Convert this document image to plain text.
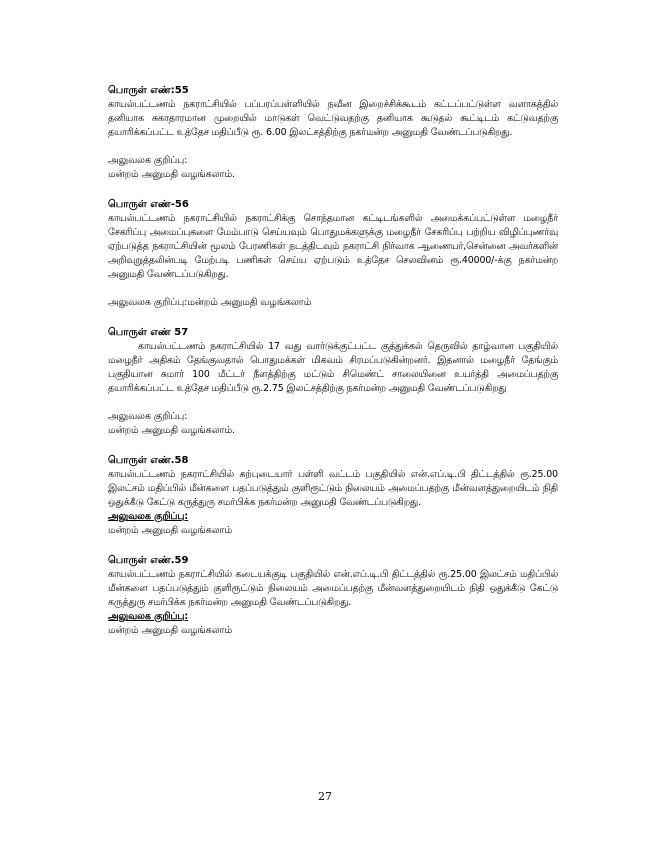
பொருள் எண்:55

காயல்பட்டணம் நகராட்சியில் பப்பரப்பள்ளியில் நவீன இறைச்சிக்கூடம் கட்டப்பட்டுள்ள வளாகத்தில் தனியாக சுகாதாரமான முறையில் மாடுகள் வெட்டுவதற்கு தனியாக கூடுதல் கூட்டிடம் கட்டுவதற்கு தயாரிக்கப்பட்ட உத்தேச மதிப்பீடு ரூ. 6.00 இலட்சத்திற்கு நகர்மன்ற அனுமதி வேண்டப்படுகிறது.

அலுவலக குறிப்பு:

மன்றம் அனுமதி வழங்கலாம்.

பொருள் எண்-56

காயல்பட்டணம் நகராட்சியில் நகராட்சிக்கு சொந்தமான கட்டிடங்களில் அமைக்கப்பட்டுள்ள மழைநீர் சேகரிப்பு அமைப்புகளை மேம்பாடு செய்யவும் பொதுமக்களுக்கு மழைநீர் சேகரிப்பு பற்றிய விழிப்புணர்வு ஏற்படுத்த நகராட்சியின் மூலம் பேரணிகள் நடத்திடவும் நகராட்சி நிர்வாக ஆணையர்,சென்னை அவர்களின் அறிவுறுத்தலின்படி மேற்படி பணிகள் செய்ய ஏற்படும் உத்தேச செலவினம் ரூ.40000/-க்கு நகர்மன்ற அனுமதி வேண்டப்படுகிறது.

அலுவலக குறிப்பு:மன்றம் அனுமதி வழங்கலாம்

பொருள் எண் 57

காயல்பட்டணம் நகராட்சியில் 17 வது வார்டுக்குட்பட்ட குத்துக்கல் தெருவில் தாழ்வான பகுதியில் மழைநீர் அதிகம் தேங்குவதால் பொதுமக்கள் மிகவம் சிரமப்படுகின்றனர். இதனால் மழைநீர் தேங்கும் பகுதியான சுமார் 100 மீட்டர் நீளத்திற்கு மட்டும் சிமெண்ட் சாலையினை உயர்த்தி அமைப்பதற்கு தயாரிக்கப்பட்ட உத்தேச மதிப்பீடு ரூ.2.75 இலட்சத்திற்கு நகர்மன்ற அனுமதி வேண்டப்படுகிறது

அலுவலக குறிப்பு:

மன்றம் அனுமதி வழங்கலாம்.

பொருள் எண்.58

காயல்பட்டணம் நகராட்சியில் கற்புடையார் பள்ளி வட்டம் பகுதியில் என்.எப்.டி.பி திட்டத்தில் ரூ.25.00 இலட்சம் மதிப்பில் மீன்களை பதப்படுத்தும் குளிரூட்டும் நிலையம் அமைப்பதற்கு மீன்வளத்துறையிடம் நிதி ஒதுக்கீடு கேட்டு கருத்துரு சமர்பிக்க நகர்மன்ற அனுமதி வேண்டப்படுகிறது.

அலுவலக குறிப்பு:

மன்றம் அனுமதி வழங்கலாம்

பொருள் எண்.59

காயல்பட்டணம் நகராட்சியில் கடையக்குடி பகுதியில் என்.எப்.டி.பி திட்டத்தில் ரூ.25.00 இலட்சம் மதிப்பில் மீன்களை பதப்படுத்தும் குளிரூட்டும் நிலையம் அமைப்பதற்கு மீன்வளத்துறையிடம் நிதி ஒதுக்கீடு கேட்டு கருத்துரு சமர்பிக்க நகர்மன்ற அனுமதி வேண்டப்படுகிறது.

அலுவலக குறிப்பு:

மன்றம் அனுமதி வழங்கலாம்

27
